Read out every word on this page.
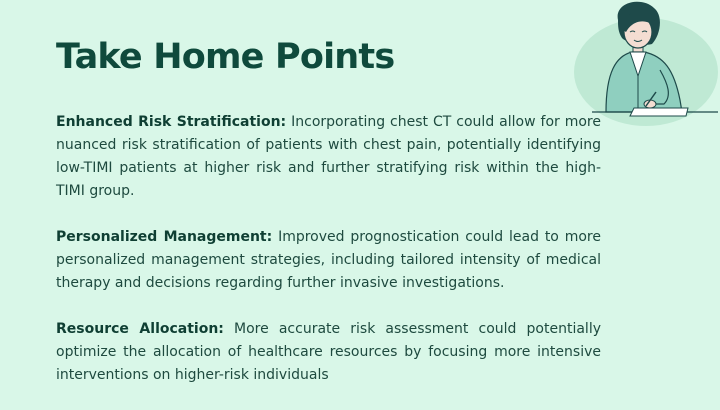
Take Home Points

Enhanced Risk Stratification: Incorporating chest CT could allow for more nuanced risk stratification of patients with chest pain, potentially identifying low-TIMI patients at higher risk and further stratifying risk within the high-TIMI group.

Personalized Management: Improved prognostication could lead to more personalized management strategies, including tailored intensity of medical therapy and decisions regarding further invasive investigations.

Resource Allocation: More accurate risk assessment could potentially optimize the allocation of healthcare resources by focusing more intensive interventions on higher-risk individuals
